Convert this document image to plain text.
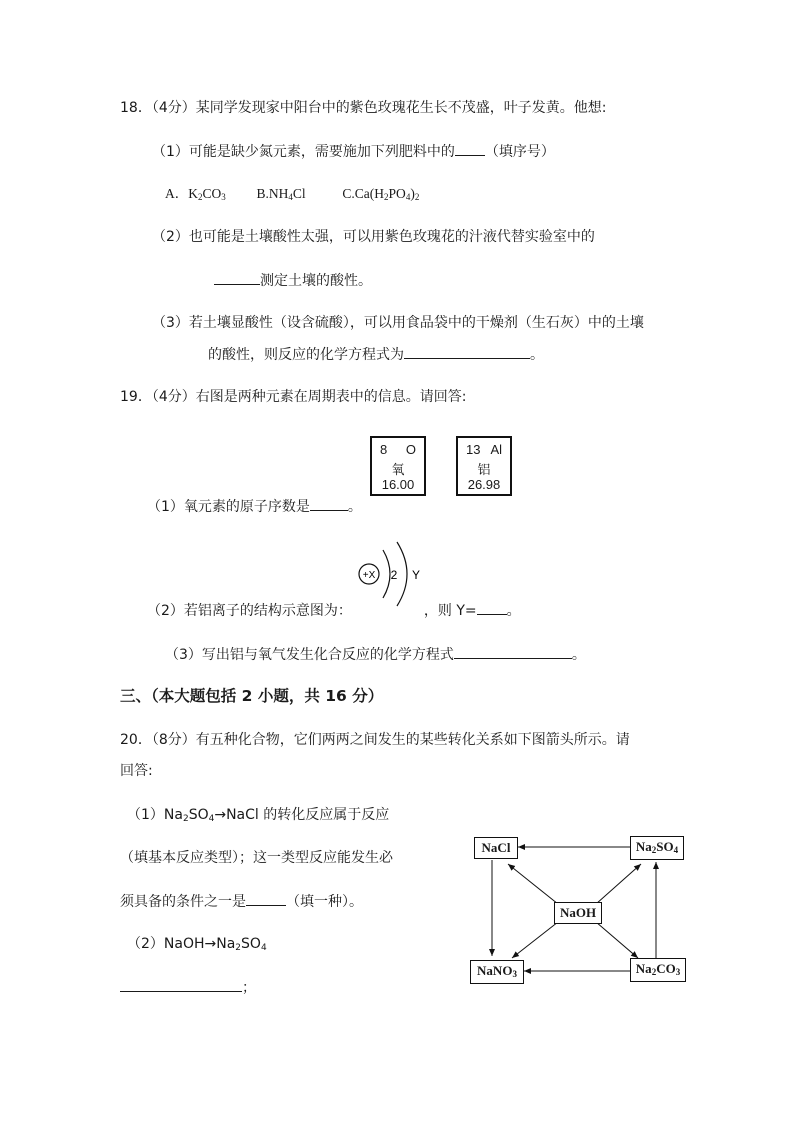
18．（4分）某同学发现家中阳台中的紫色玫瑰花生长不茂盛，叶子发黄。他想:
（1）可能是缺少氮元素，需要施加下列肥料中的 （填序号）
A．$K_2CO_3$ $B.NH_4Cl$	$C.Ca(H_2PO_4)_2$
（2）也可能是土壤酸性太强，可以用紫色玫瑰花的汁液代替实验室中的
测定土壤的酸性。
（3）若土壤显酸性（设含硫酸），可以用食品袋中的干燥剂（生石灰）中的土壤
的酸性，则反应的化学方程式为	。
19．（4分）右图是两种元素在周期表中的信息。请回答:
8 O
氧
16.00
13 Al
铝
26.98
（1）氧元素的原子序数是	。
+X 2 Y
（2）若铝离子的结构示意图为：	，则 Y= 。
（3）写出铝与氧气发生化合反应的化学方程式	。
三、（本大题包括 2 小题，共 16 分）
20．（8分）有五种化合物，它们两两之间发生的某些转化关系如下图箭头所示。请
回答:
$(1)Na_2SO_4\to NaCl$ 的转化反应属于反应
（填基本反应类型）；这一类型反应能发生必
须具备的条件之一是	（填一种）。
$(2)NaOH\to Na_2SO_4$
；
NaCl	$Na_2SO_4$
NaOH
NaNO$_3$	$Na_2CO_3$
